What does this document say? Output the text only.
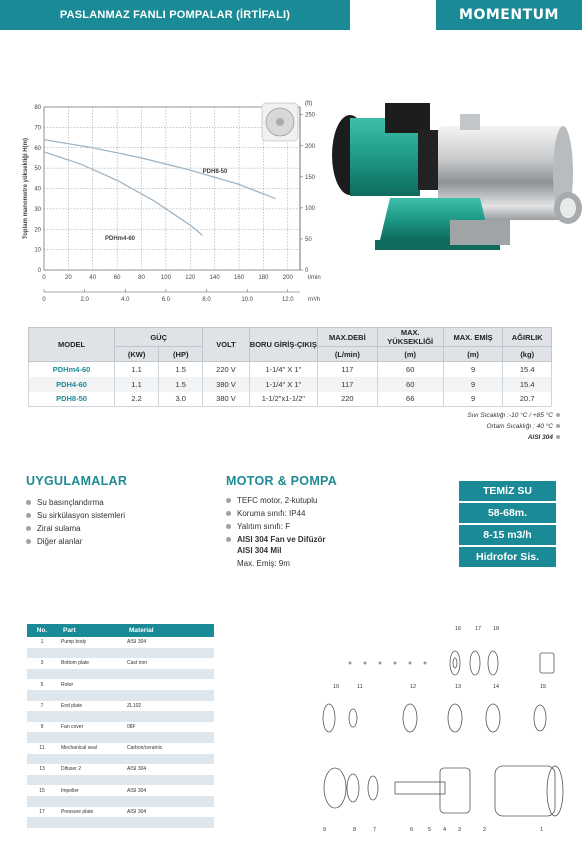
PASLANMAZ FANLI POMPALAR (İRTİFALI)	MOMENTUM
0	20	40	60	80	100 120 140 160 180 200
0
10
20
30
40
50
60
70
80
0
50
100
150
200
250
(ft)
l/min
0	2.0	4.0	6.0	8.0	10.0	12.0 m³/h
Toplam manometre yüksekliği H(m)	PDH8-50
PDHm4-60
MODEL	GÜÇ		VOLT	BORU GİRİŞ-ÇIKIŞ	MAX.DEBİ	MAX. YÜKSEKLİĞİ	MAX. EMİŞ	AĞIRLIK
	(KW)	(HP)			(L/min)	(m)	(m)	(kg)
PDHm4-60	1.1	1.5	220 V	1-1/4" X 1"	117	60	9	15.4
PDH4-60	1.1	1.5	380 V	1-1/4" X 1"	117	60	9	15.4
PDH8-50	2.2	3.0	380 V	1-1/2"x1-1/2"	220	66	9	20.7
Sıvı Sıcaklığı :-10 °C / +85 °C
Ortam Sıcaklığı : 40 °C
AISI 304
UYGULAMALAR
Su basınçlandırma
Su sirkülasyon sistemleri
Zirai sulama
Diğer alanlar
MOTOR & POMPA
TEFC motor, 2-kutuplu
Koruma sınıfı: IP44
Yalıtım sınıfı: F
AISI 304 Fan ve Difüzör
AISI 304 Mil
Max. Emiş: 9m
TEMİZ SU
58-68m.
8-15 m3/h
Hidrofor Sis.
No.	Part	Material
1	Pump body	AISI 304

3	Bottom plate	Cast iron

5	Rotor	

7	End plate	ZL102

9	Fan cover	08F

11	Mechanical seal	Carbon/ceramic

13	Difuser 2	AISI 304

15	Impeller	AISI 304

17	Pressure plate	AISI 304

16	17 18
10	11	12	13	14	15
9	8	7	6	5 4 3	2	1
